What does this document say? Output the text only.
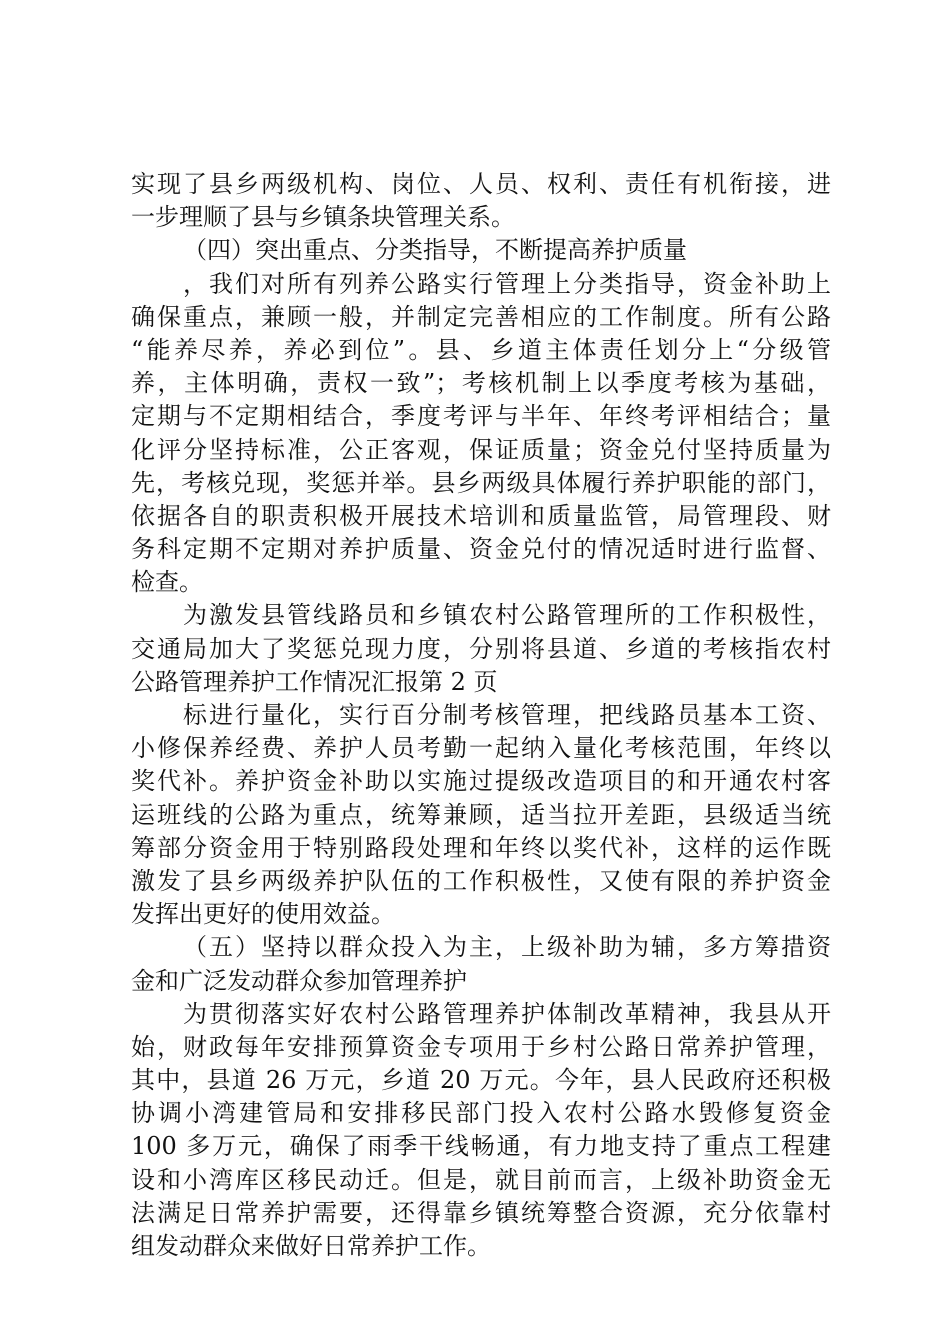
实现了县乡两级机构、岗位、人员、权利、责任有机衔接，进
一步理顺了县与乡镇条块管理关系。
（四）突出重点、分类指导，不断提高养护质量
，我们对所有列养公路实行管理上分类指导，资金补助上
确保重点，兼顾一般，并制定完善相应的工作制度。所有公路
“能养尽养，养必到位”。县、乡道主体责任划分上“分级管
养，主体明确，责权一致”；考核机制上以季度考核为基础，
定期与不定期相结合，季度考评与半年、年终考评相结合；量
化评分坚持标准，公正客观，保证质量；资金兑付坚持质量为
先，考核兑现，奖惩并举。县乡两级具体履行养护职能的部门，
依据各自的职责积极开展技术培训和质量监管，局管理段、财
务科定期不定期对养护质量、资金兑付的情况适时进行监督、
检查。
为激发县管线路员和乡镇农村公路管理所的工作积极性，
交通局加大了奖惩兑现力度，分别将县道、乡道的考核指农村
公路管理养护工作情况汇报第 2 页
标进行量化，实行百分制考核管理，把线路员基本工资、
小修保养经费、养护人员考勤一起纳入量化考核范围，年终以
奖代补。养护资金补助以实施过提级改造项目的和开通农村客
运班线的公路为重点，统筹兼顾，适当拉开差距，县级适当统
筹部分资金用于特别路段处理和年终以奖代补，这样的运作既
激发了县乡两级养护队伍的工作积极性，又使有限的养护资金
发挥出更好的使用效益。
（五）坚持以群众投入为主，上级补助为辅，多方筹措资
金和广泛发动群众参加管理养护
为贯彻落实好农村公路管理养护体制改革精神，我县从开
始，财政每年安排预算资金专项用于乡村公路日常养护管理，
其中，县道 26 万元，乡道 20 万元。今年，县人民政府还积极
协调小湾建管局和安排移民部门投入农村公路水毁修复资金
100 多万元，确保了雨季干线畅通，有力地支持了重点工程建
设和小湾库区移民动迁。但是，就目前而言，上级补助资金无
法满足日常养护需要，还得靠乡镇统筹整合资源，充分依靠村
组发动群众来做好日常养护工作。
